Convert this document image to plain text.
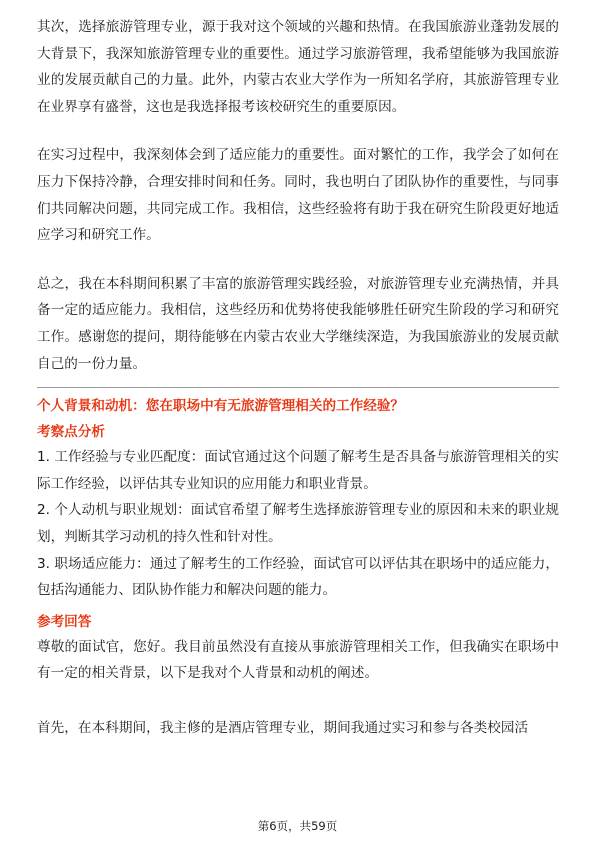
其次，选择旅游管理专业，源于我对这个领域的兴趣和热情。在我国旅游业蓬勃发展的大背景下，我深知旅游管理专业的重要性。通过学习旅游管理，我希望能够为我国旅游业的发展贡献自己的力量。此外，内蒙古农业大学作为一所知名学府，其旅游管理专业在业界享有盛誉，这也是我选择报考该校研究生的重要原因。

在实习过程中，我深刻体会到了适应能力的重要性。面对繁忙的工作，我学会了如何在压力下保持冷静，合理安排时间和任务。同时，我也明白了团队协作的重要性，与同事们共同解决问题，共同完成工作。我相信，这些经验将有助于我在研究生阶段更好地适应学习和研究工作。

总之，我在本科期间积累了丰富的旅游管理实践经验，对旅游管理专业充满热情，并具备一定的适应能力。我相信，这些经历和优势将使我能够胜任研究生阶段的学习和研究工作。感谢您的提问，期待能够在内蒙古农业大学继续深造，为我国旅游业的发展贡献自己的一份力量。

个人背景和动机：您在职场中有无旅游管理相关的工作经验？

考察点分析

1. 工作经验与专业匹配度：面试官通过这个问题了解考生是否具备与旅游管理相关的实际工作经验，以评估其专业知识的应用能力和职业背景。

2. 个人动机与职业规划：面试官希望了解考生选择旅游管理专业的原因和未来的职业规划，判断其学习动机的持久性和针对性。

3. 职场适应能力：通过了解考生的工作经验，面试官可以评估其在职场中的适应能力，包括沟通能力、团队协作能力和解决问题的能力。

参考回答

尊敬的面试官，您好。我目前虽然没有直接从事旅游管理相关工作，但我确实在职场中有一定的相关背景，以下是我对个人背景和动机的阐述。

首先，在本科期间，我主修的是酒店管理专业，期间我通过实习和参与各类校园活

第6页，共59页
